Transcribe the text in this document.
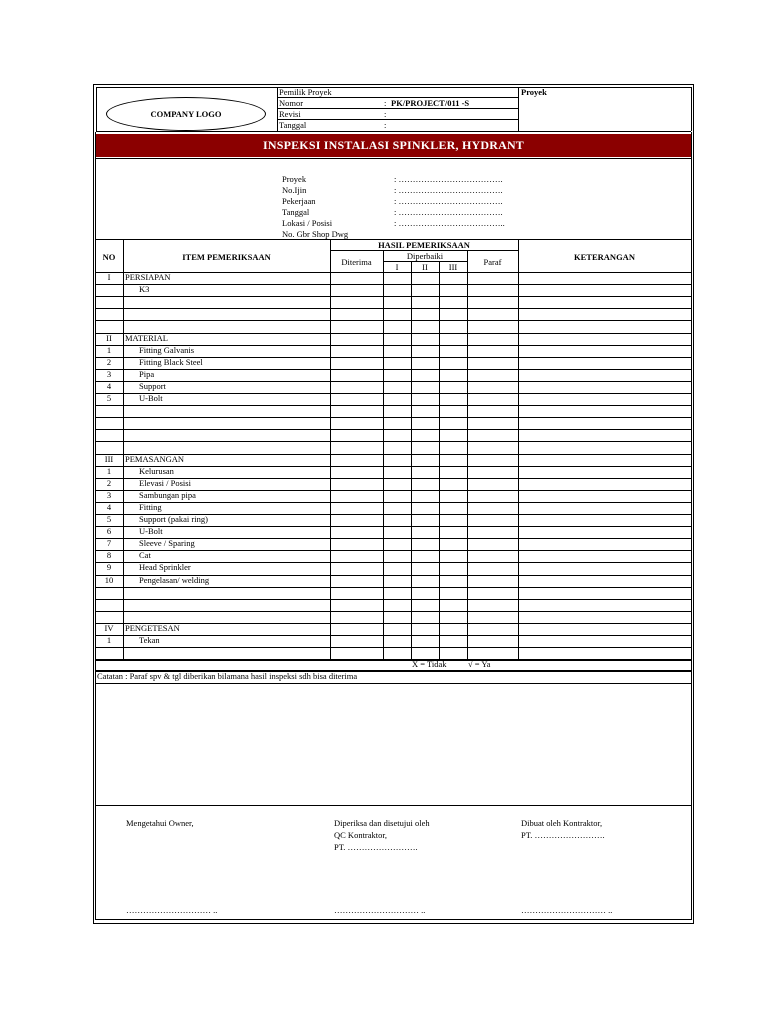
COMPANY LOGO
Pemilik Proyek
Nomor	: PK/PROJECT/011 -S
Revisi	:
Tanggal	:
Proyek
INSPEKSI INSTALASI SPINKLER, HYDRANT
Proyek	: ……………………………….
No.Ijin	: ……………………………….
Pekerjaan	: ……………………………….
Tanggal	: ……………………………….
Lokasi / Posisi	: ………………………………..
No. Gbr Shop Dwg
NO	ITEM PEMERIKSAAN
HASIL PEMERIKSAAN
Diterima
Diperbaiki
I	II	III	Paraf	KETERANGAN
I	PERSIAPAN
K3
II	MATERIAL
1	Fitting Galvanis
2	Fitting Black Steel
3	Pipa
4	Support
5	U-Bolt
III	PEMASANGAN
1	Kelurusan
2	Elevasi / Posisi
3	Sambungan pipa
4	Fitting
5	Support (pakai ring)
6	U-Bolt
7	Sleeve / Sparing
8	Cat
9	Head Sprinkler
10	Pengelasan/ welding
IV	PENGETESAN
1	Tekan
X = Tidak	√ = Ya
Catatan : Paraf spv & tgl diberikan bilamana hasil inspeksi sdh bisa diterima
Mengetahui Owner,	Diperiksa dan disetujui oleh
QC Kontraktor,
PT. …………………….
Dibuat oleh Kontraktor,
PT. …………………….
………………………… ..	………………………… ..	………………………… ..
